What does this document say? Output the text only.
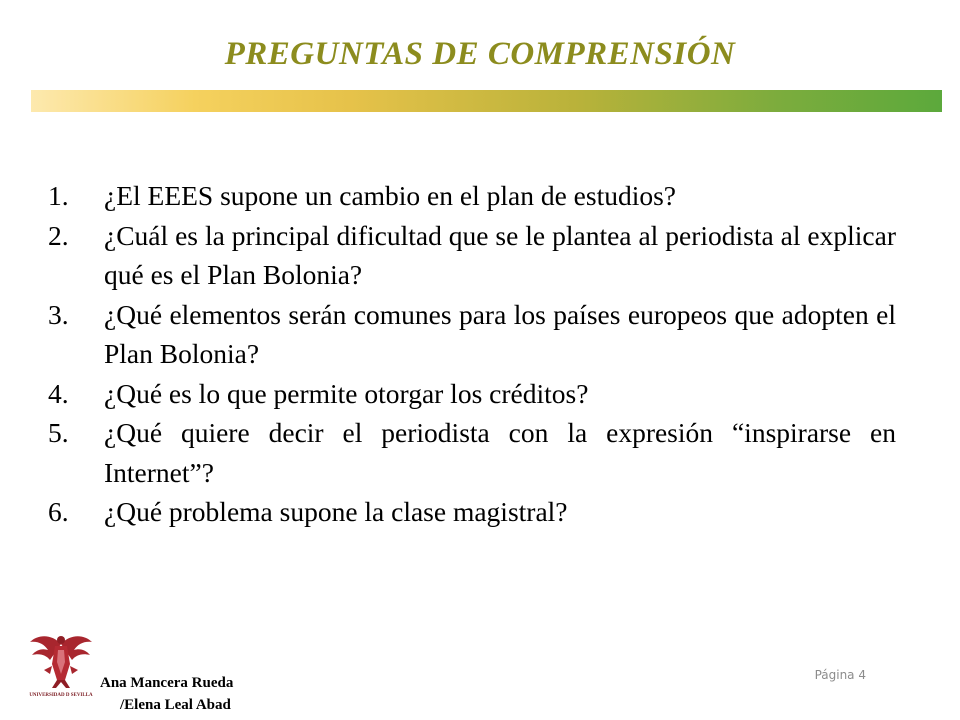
PREGUNTAS DE COMPRENSIÓN
1. ¿El EEES supone un cambio en el plan de estudios?
2. ¿Cuál es la principal dificultad que se le plantea al periodista al explicar qué es el Plan Bolonia?
3. ¿Qué elementos serán comunes para los países europeos que adopten el Plan Bolonia?
4. ¿Qué es lo que permite otorgar los créditos?
5. ¿Qué quiere decir el periodista con la expresión “inspirarse en Internet”?
6. ¿Qué problema supone la clase magistral?
UNIVERSIDAD D SEVILLA
Ana Mancera Rueda
/Elena Leal Abad
Página 4
